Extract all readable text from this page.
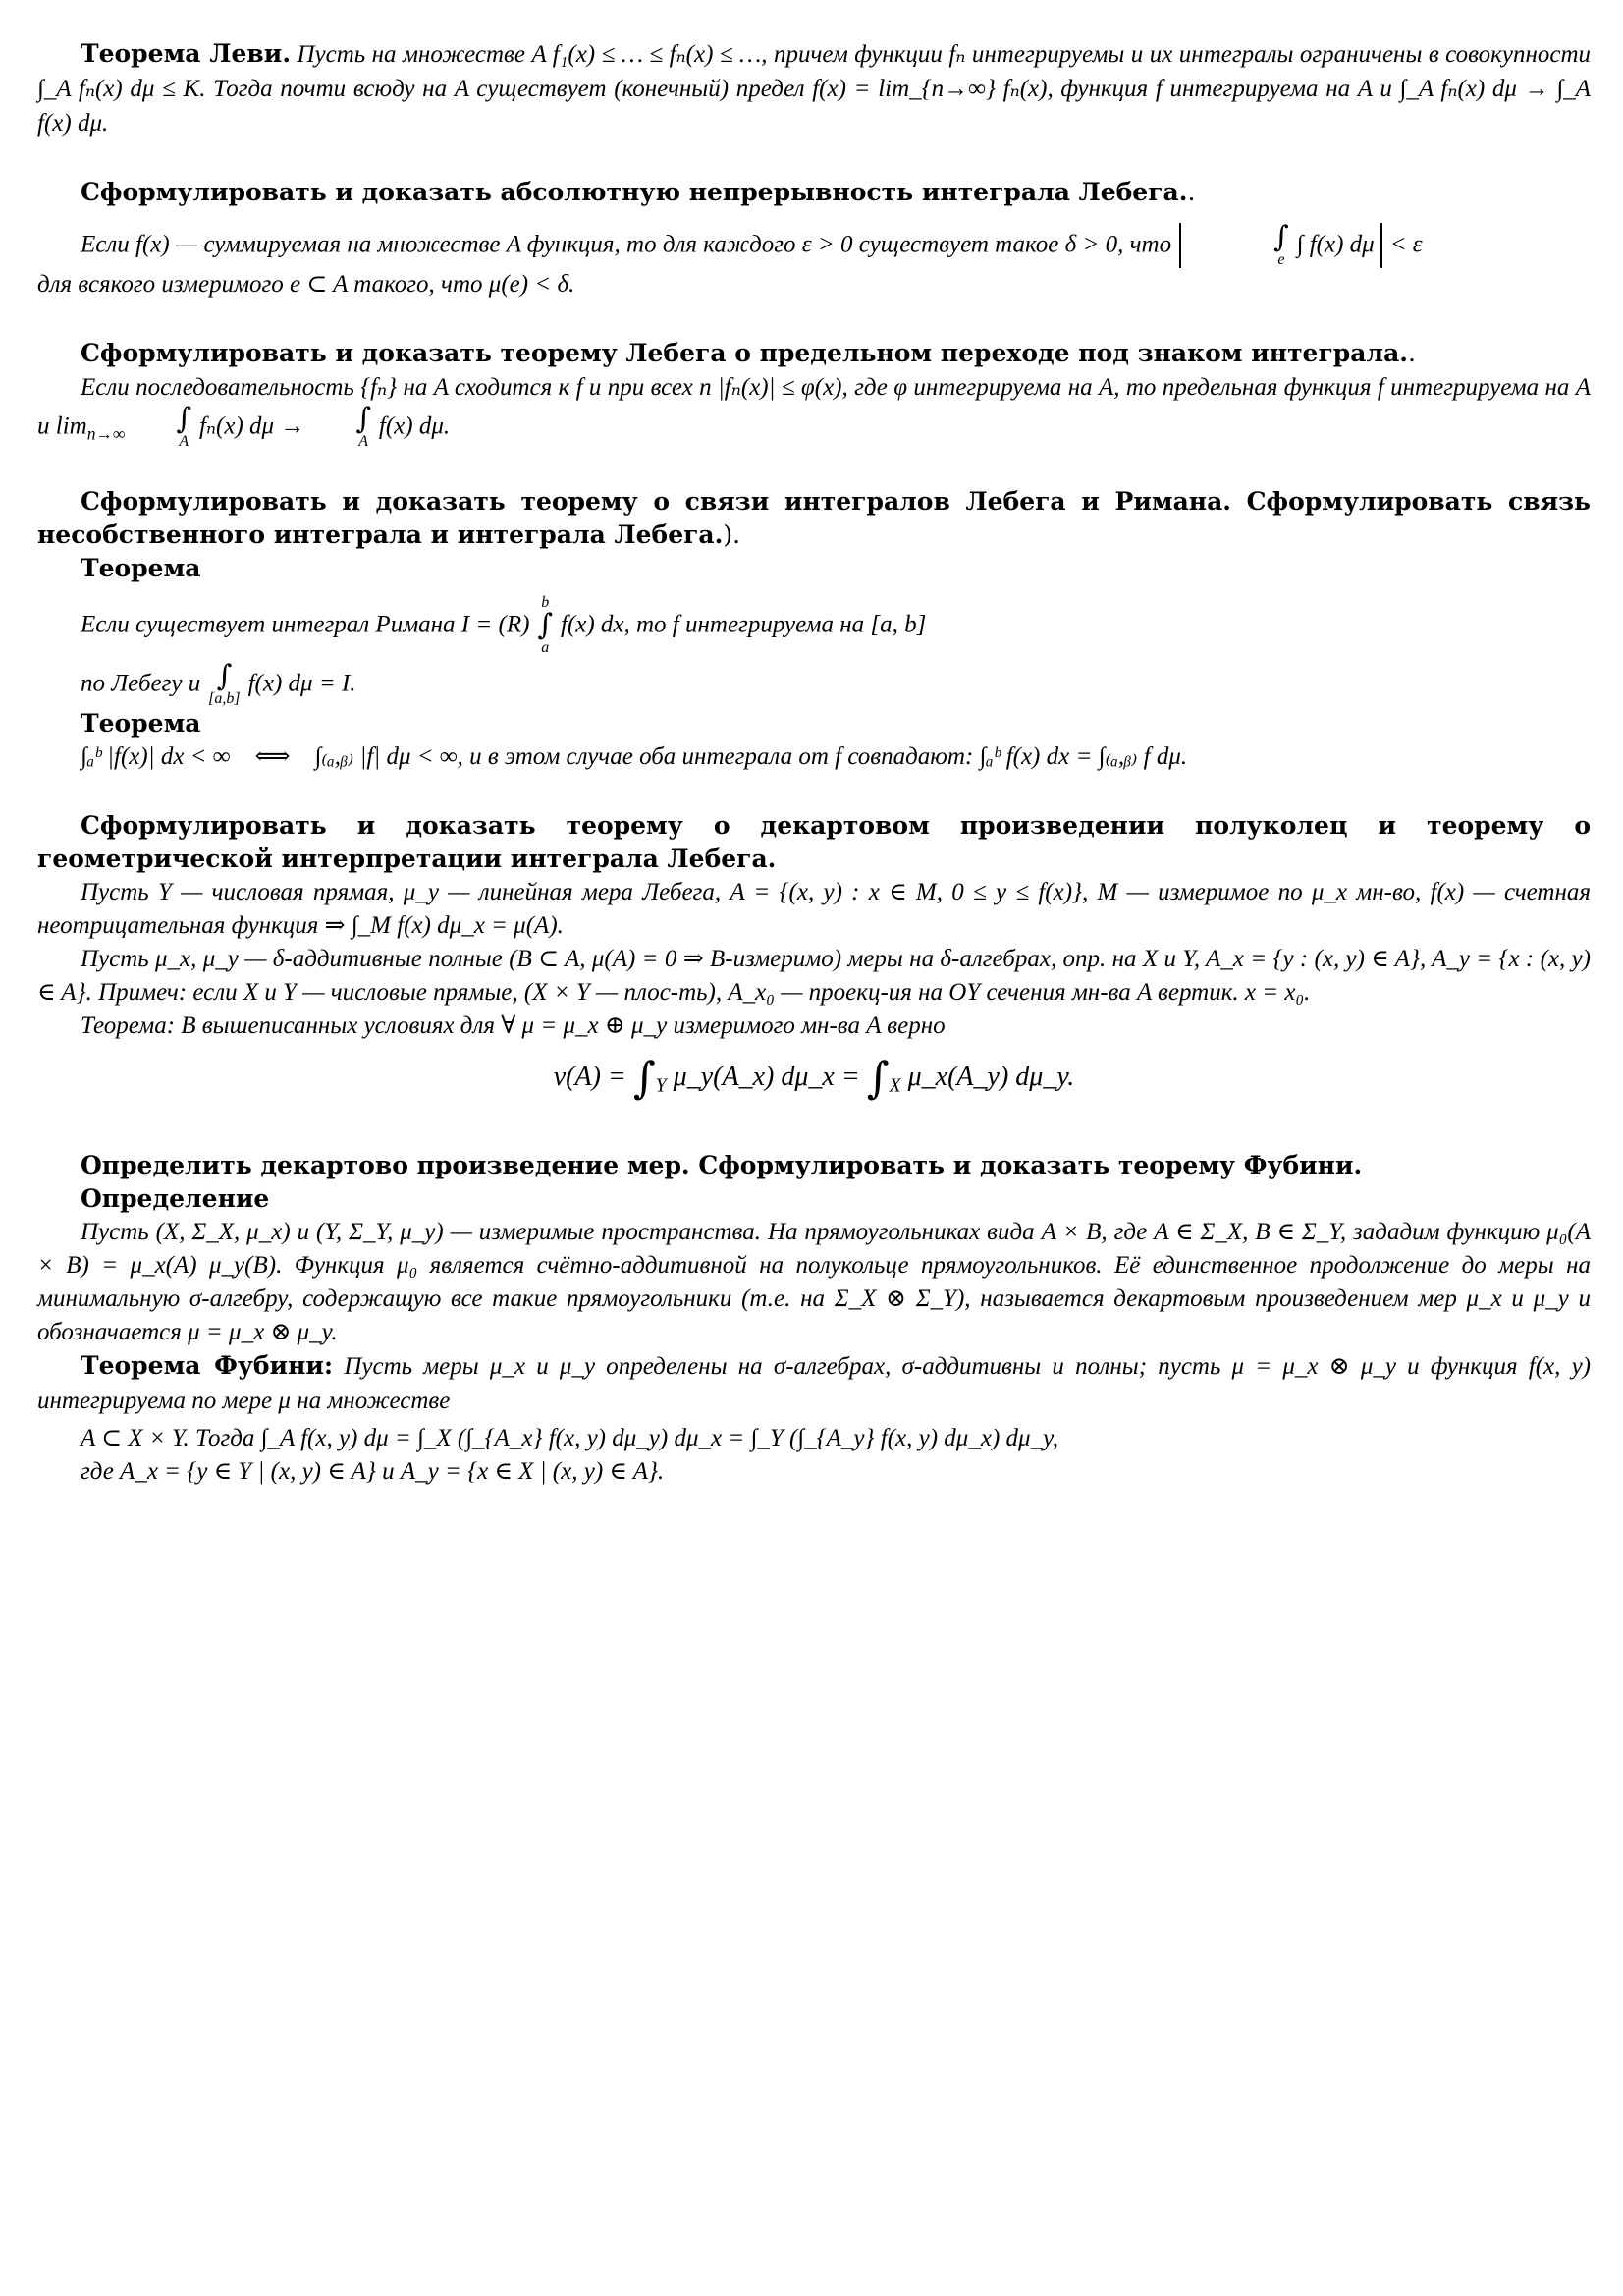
Теорема Леви. Пусть на множестве A f₁(x) ≤ … ≤ fₙ(x) ≤ …, причем функции fₙ интегрируемы и их интегралы ограничены в совокупности ∫_A fₙ(x) dμ ≤ K. Тогда почти всюду на A существует (конечный) предел f(x) = lim_{n→∞} fₙ(x), функция f интегрируема на A и ∫_A fₙ(x) dμ → ∫_A f(x) dμ.

Сформулировать и доказать абсолютную непрерывность интеграла Лебега..

Если f(x) — суммируемая на множестве A функция, то для каждого ε > 0 существует такое δ > 0, что	∫
e
∫ f(x) dμ < ε

для всякого измеримого e ⊂ A такого, что μ(e) < δ.

Сформулировать и доказать теорему Лебега о предельном переходе под знаком интеграла..

Если последовательность {fₙ} на A сходится к f и при всех n |fₙ(x)| ≤ φ(x), где φ интегрируема на A, то предельная функция f интегрируема на A и $\lim_{n\to\infty}$	∫
A
fₙ(x) dμ →	∫
A
f(x) dμ.

Сформулировать и доказать теорему о связи интегралов Лебега и Римана. Сформулировать связь несобственного интеграла и интеграла Лебега.).

Теорема

Если существует интеграл Римана I = (R)
b
∫
a
f(x) dx, то f интегрируема на [a, b]

по Лебегу и ∫
[a,b]
f(x) dμ = I.

Теорема

∫ₐᵇ |f(x)| dx < ∞    ⟺    ∫₍ₐ,ᵦ₎ |f| dμ < ∞, и в этом случае оба интеграла от f совпадают: ∫ₐᵇ f(x) dx = ∫₍ₐ,ᵦ₎ f dμ.

Сформулировать и доказать теорему о декартовом произведении полуколец и теорему о геометрической интерпретации интеграла Лебега.

Пусть Y — числовая прямая, μ_y — линейная мера Лебега, A = {(x, y) : x ∈ M, 0 ≤ y ≤ f(x)}, M — измеримое по μ_x мн-во, f(x) — счетная неотрицательная функция ⇒ ∫_M f(x) dμ_x = μ(A).

Пусть μ_x, μ_y — δ-аддитивные полные (B ⊂ A, μ(A) = 0 ⇒ B-измеримо) меры на δ-алгебрах, опр. на X и Y, A_x = {y : (x, y) ∈ A}, A_y = {x : (x, y) ∈ A}. Примеч: если X и Y — числовые прямые, (X × Y — плос-ть), A_x₀ — проекц-ия на OY сечения мн-ва A вертик. x = x₀.

Теорема: В вышеписанных условиях для ∀ μ = μ_x ⊕ μ_y измеримого мн-ва A верно

$\nu(A) = \int_Y$ μ_y(A_x) dμ_x = $\int_X$ μ_x(A_y) dμ_y.

Определить декартово произведение мер. Сформулировать и доказать теорему Фубини.

Определение

Пусть (X, Σ_X, μ_x) и (Y, Σ_Y, μ_y) — измеримые пространства. На прямоугольниках вида A × B, где A ∈ Σ_X, B ∈ Σ_Y, зададим функцию μ₀(A × B) = μ_x(A) μ_y(B). Функция μ₀ является счётно-аддитивной на полукольце прямоугольников. Её единственное продолжение до меры на минимальную σ-алгебру, содержащую все такие прямоугольники (т.е. на Σ_X ⊗ Σ_Y), называется декартовым произведением мер μ_x и μ_y и обозначается μ = μ_x ⊗ μ_y.

Теорема Фубини: Пусть меры μ_x и μ_y определены на σ-алгебрах, σ-аддитивны и полны; пусть μ = μ_x ⊗ μ_y и функция f(x, y) интегрируема по мере μ на множестве

A ⊂ X × Y. Тогда ∫_A f(x, y) dμ = ∫_X (∫_{A_x} f(x, y) dμ_y) dμ_x = ∫_Y (∫_{A_y} f(x, y) dμ_x) dμ_y,

где A_x = {y ∈ Y | (x, y) ∈ A} и A_y = {x ∈ X | (x, y) ∈ A}.
